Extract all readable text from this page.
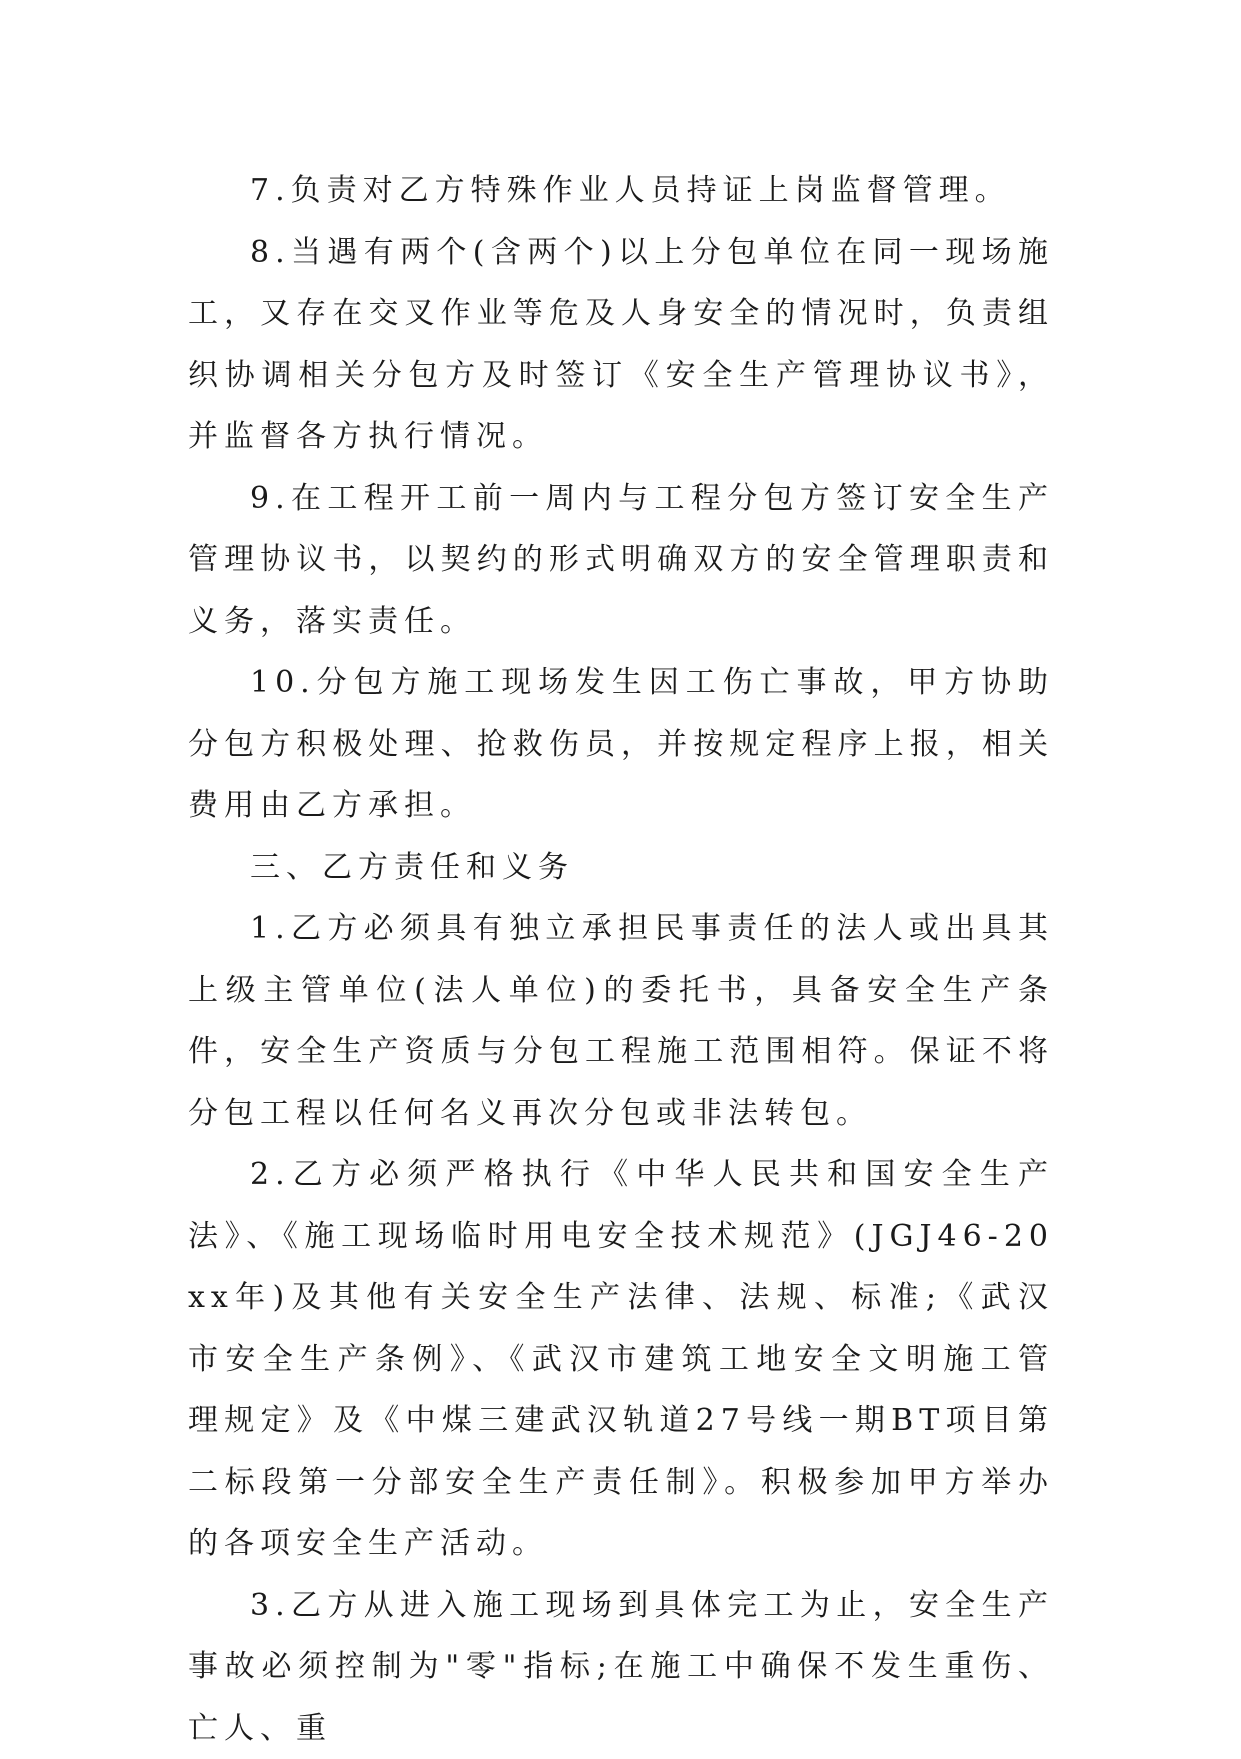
7.负责对乙方特殊作业人员持证上岗监督管理。

8.当遇有两个(含两个)以上分包单位在同一现场施工，又存在交叉作业等危及人身安全的情况时，负责组织协调相关分包方及时签订《安全生产管理协议书》，并监督各方执行情况。

9.在工程开工前一周内与工程分包方签订安全生产管理协议书，以契约的形式明确双方的安全管理职责和义务，落实责任。

10.分包方施工现场发生因工伤亡事故，甲方协助分包方积极处理、抢救伤员，并按规定程序上报，相关费用由乙方承担。

三、乙方责任和义务

1.乙方必须具有独立承担民事责任的法人或出具其上级主管单位(法人单位)的委托书，具备安全生产条件，安全生产资质与分包工程施工范围相符。保证不将分包工程以任何名义再次分包或非法转包。

2.乙方必须严格执行《中华人民共和国安全生产法》、《施工现场临时用电安全技术规范》(JGJ46-20xx年)及其他有关安全生产法律、法规、标准;《武汉市安全生产条例》、《武汉市建筑工地安全文明施工管理规定》及《中煤三建武汉轨道27号线一期BT项目第二标段第一分部安全生产责任制》。积极参加甲方举办的各项安全生产活动。

3.乙方从进入施工现场到具体完工为止，安全生产事故必须控制为"零"指标;在施工中确保不发生重伤、亡人、重
